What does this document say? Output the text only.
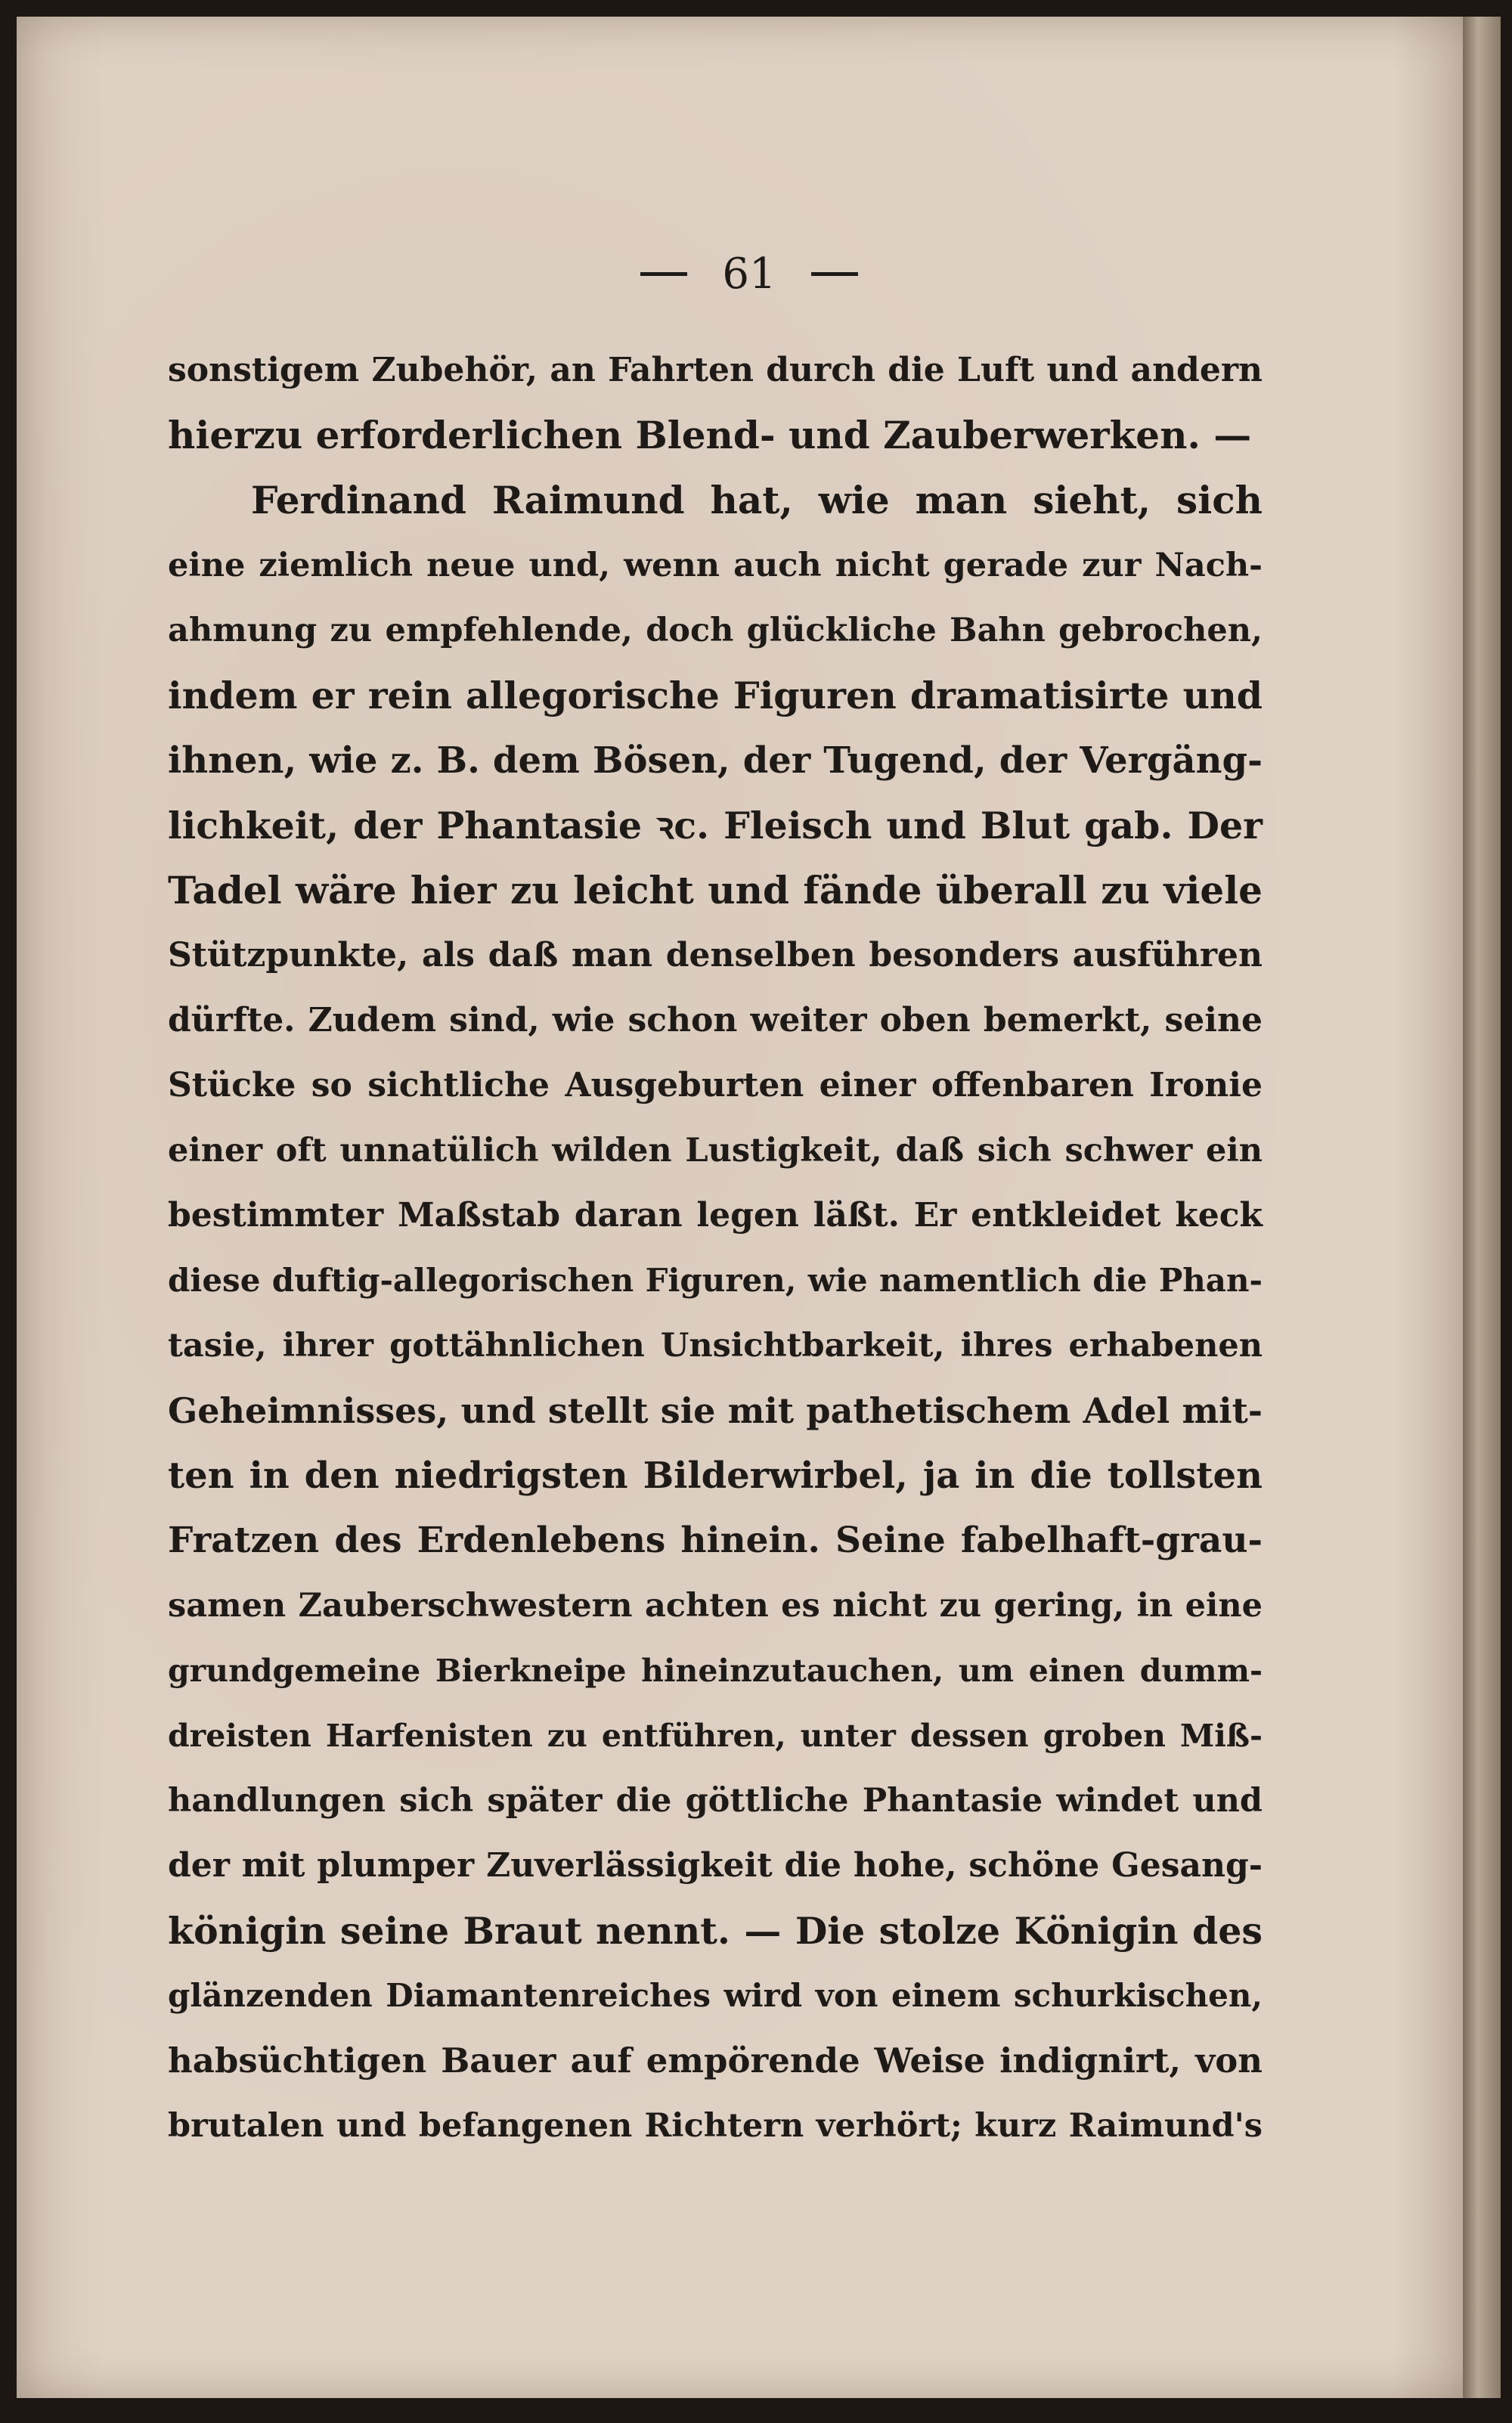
61
sonstigem Zubehör, an Fahrten durch die Luft und andern
hierzu erforderlichen Blend- und Zauberwerken. —
Ferdinand Raimund hat, wie man sieht, sich
eine ziemlich neue und, wenn auch nicht gerade zur Nach-
ahmung zu empfehlende, doch glückliche Bahn gebrochen,
indem er rein allegorische Figuren dramatisirte und
ihnen, wie z. B. dem Bösen, der Tugend, der Vergäng-
lichkeit, der Phantasie ꝛc. Fleisch und Blut gab. Der
Tadel wäre hier zu leicht und fände überall zu viele
Stützpunkte, als daß man denselben besonders ausführen
dürfte. Zudem sind, wie schon weiter oben bemerkt, seine
Stücke so sichtliche Ausgeburten einer offenbaren Ironie
einer oft unnatülich wilden Lustigkeit, daß sich schwer ein
bestimmter Maßstab daran legen läßt. Er entkleidet keck
diese duftig-allegorischen Figuren, wie namentlich die Phan-
tasie, ihrer gottähnlichen Unsichtbarkeit, ihres erhabenen
Geheimnisses, und stellt sie mit pathetischem Adel mit-
ten in den niedrigsten Bilderwirbel, ja in die tollsten
Fratzen des Erdenlebens hinein. Seine fabelhaft-grau-
samen Zauberschwestern achten es nicht zu gering, in eine
grundgemeine Bierkneipe hineinzutauchen, um einen dumm-
dreisten Harfenisten zu entführen, unter dessen groben Miß-
handlungen sich später die göttliche Phantasie windet und
der mit plumper Zuverlässigkeit die hohe, schöne Gesang-
königin seine Braut nennt. — Die stolze Königin des
glänzenden Diamantenreiches wird von einem schurkischen,
habsüchtigen Bauer auf empörende Weise indignirt, von
brutalen und befangenen Richtern verhört; kurz Raimund's
